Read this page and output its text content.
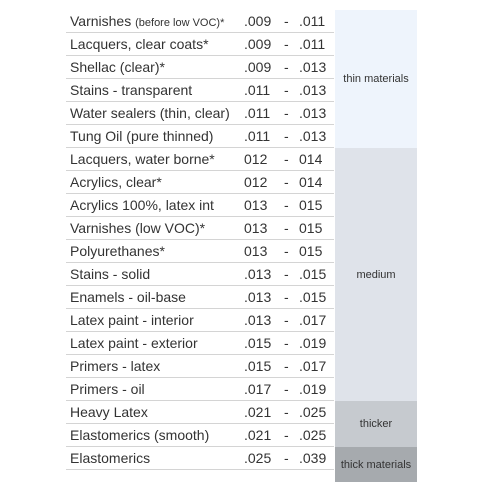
Varnishes (before low VOC)* .009 - .011
Lacquers, clear coats*	.009 - .011
Shellac (clear)*	.009 - .013
Stains - transparent	.011 - .013
Water sealers (thin, clear) .011 - .013
Tung Oil (pure thinned) .011 - .013
Lacquers, water borne* 012 - 014
Acrylics, clear*	012 - 014
Acrylics 100%, latex int 013 - 015
Varnishes (low VOC)*	013 - 015
Polyurethanes*	013 - 015
Stains - solid	.013 - .015
Enamels - oil-base	.013 - .015
Latex paint - interior	.013 - .017
Latex paint - exterior	.015 - .019
Primers - latex	.015 - .017
Primers - oil	.017 - .019
Heavy Latex	.021 - .025
Elastomerics (smooth) .021 - .025
Elastomerics	.025 - .039
thin materials
medium
thicker
thick materials
